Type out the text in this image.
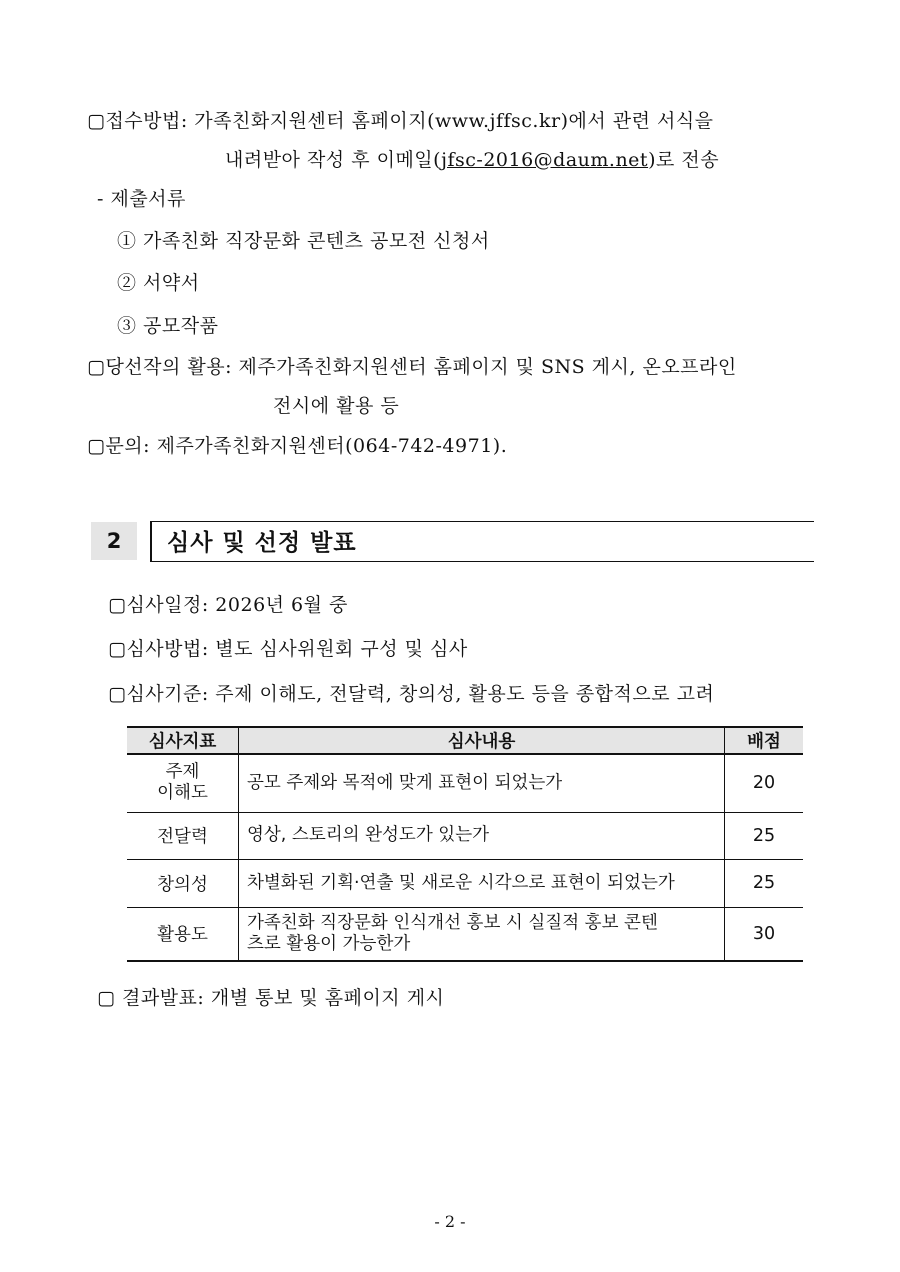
▢접수방법: 가족친화지원센터 홈페이지(www.jffsc.kr)에서 관련 서식을
내려받아 작성 후 이메일(jfsc-2016@daum.net)로 전송
- 제출서류
① 가족친화 직장문화 콘텐츠 공모전 신청서
② 서약서
③ 공모작품
▢당선작의 활용: 제주가족친화지원센터 홈페이지 및 SNS 게시, 온오프라인
전시에 활용 등
▢문의: 제주가족친화지원센터(064-742-4971).
2	심사 및 선정 발표
▢심사일정: 2026년 6월 중
▢심사방법: 별도 심사위원회 구성 및 심사
▢심사기준: 주제 이해도, 전달력, 창의성, 활용도 등을 종합적으로 고려
심사지표	심사내용	배점
주제
이해도	공모 주제와 목적에 맞게 표현이 되었는가	20
전달력	영상, 스토리의 완성도가 있는가	25
창의성	차별화된 기획·연출 및 새로운 시각으로 표현이 되었는가	25
활용도	가족친화 직장문화 인식개선 홍보 시 실질적 홍보 콘텐
츠로 활용이 가능한가	30
▢ 결과발표: 개별 통보 및 홈페이지 게시
- 2 -
